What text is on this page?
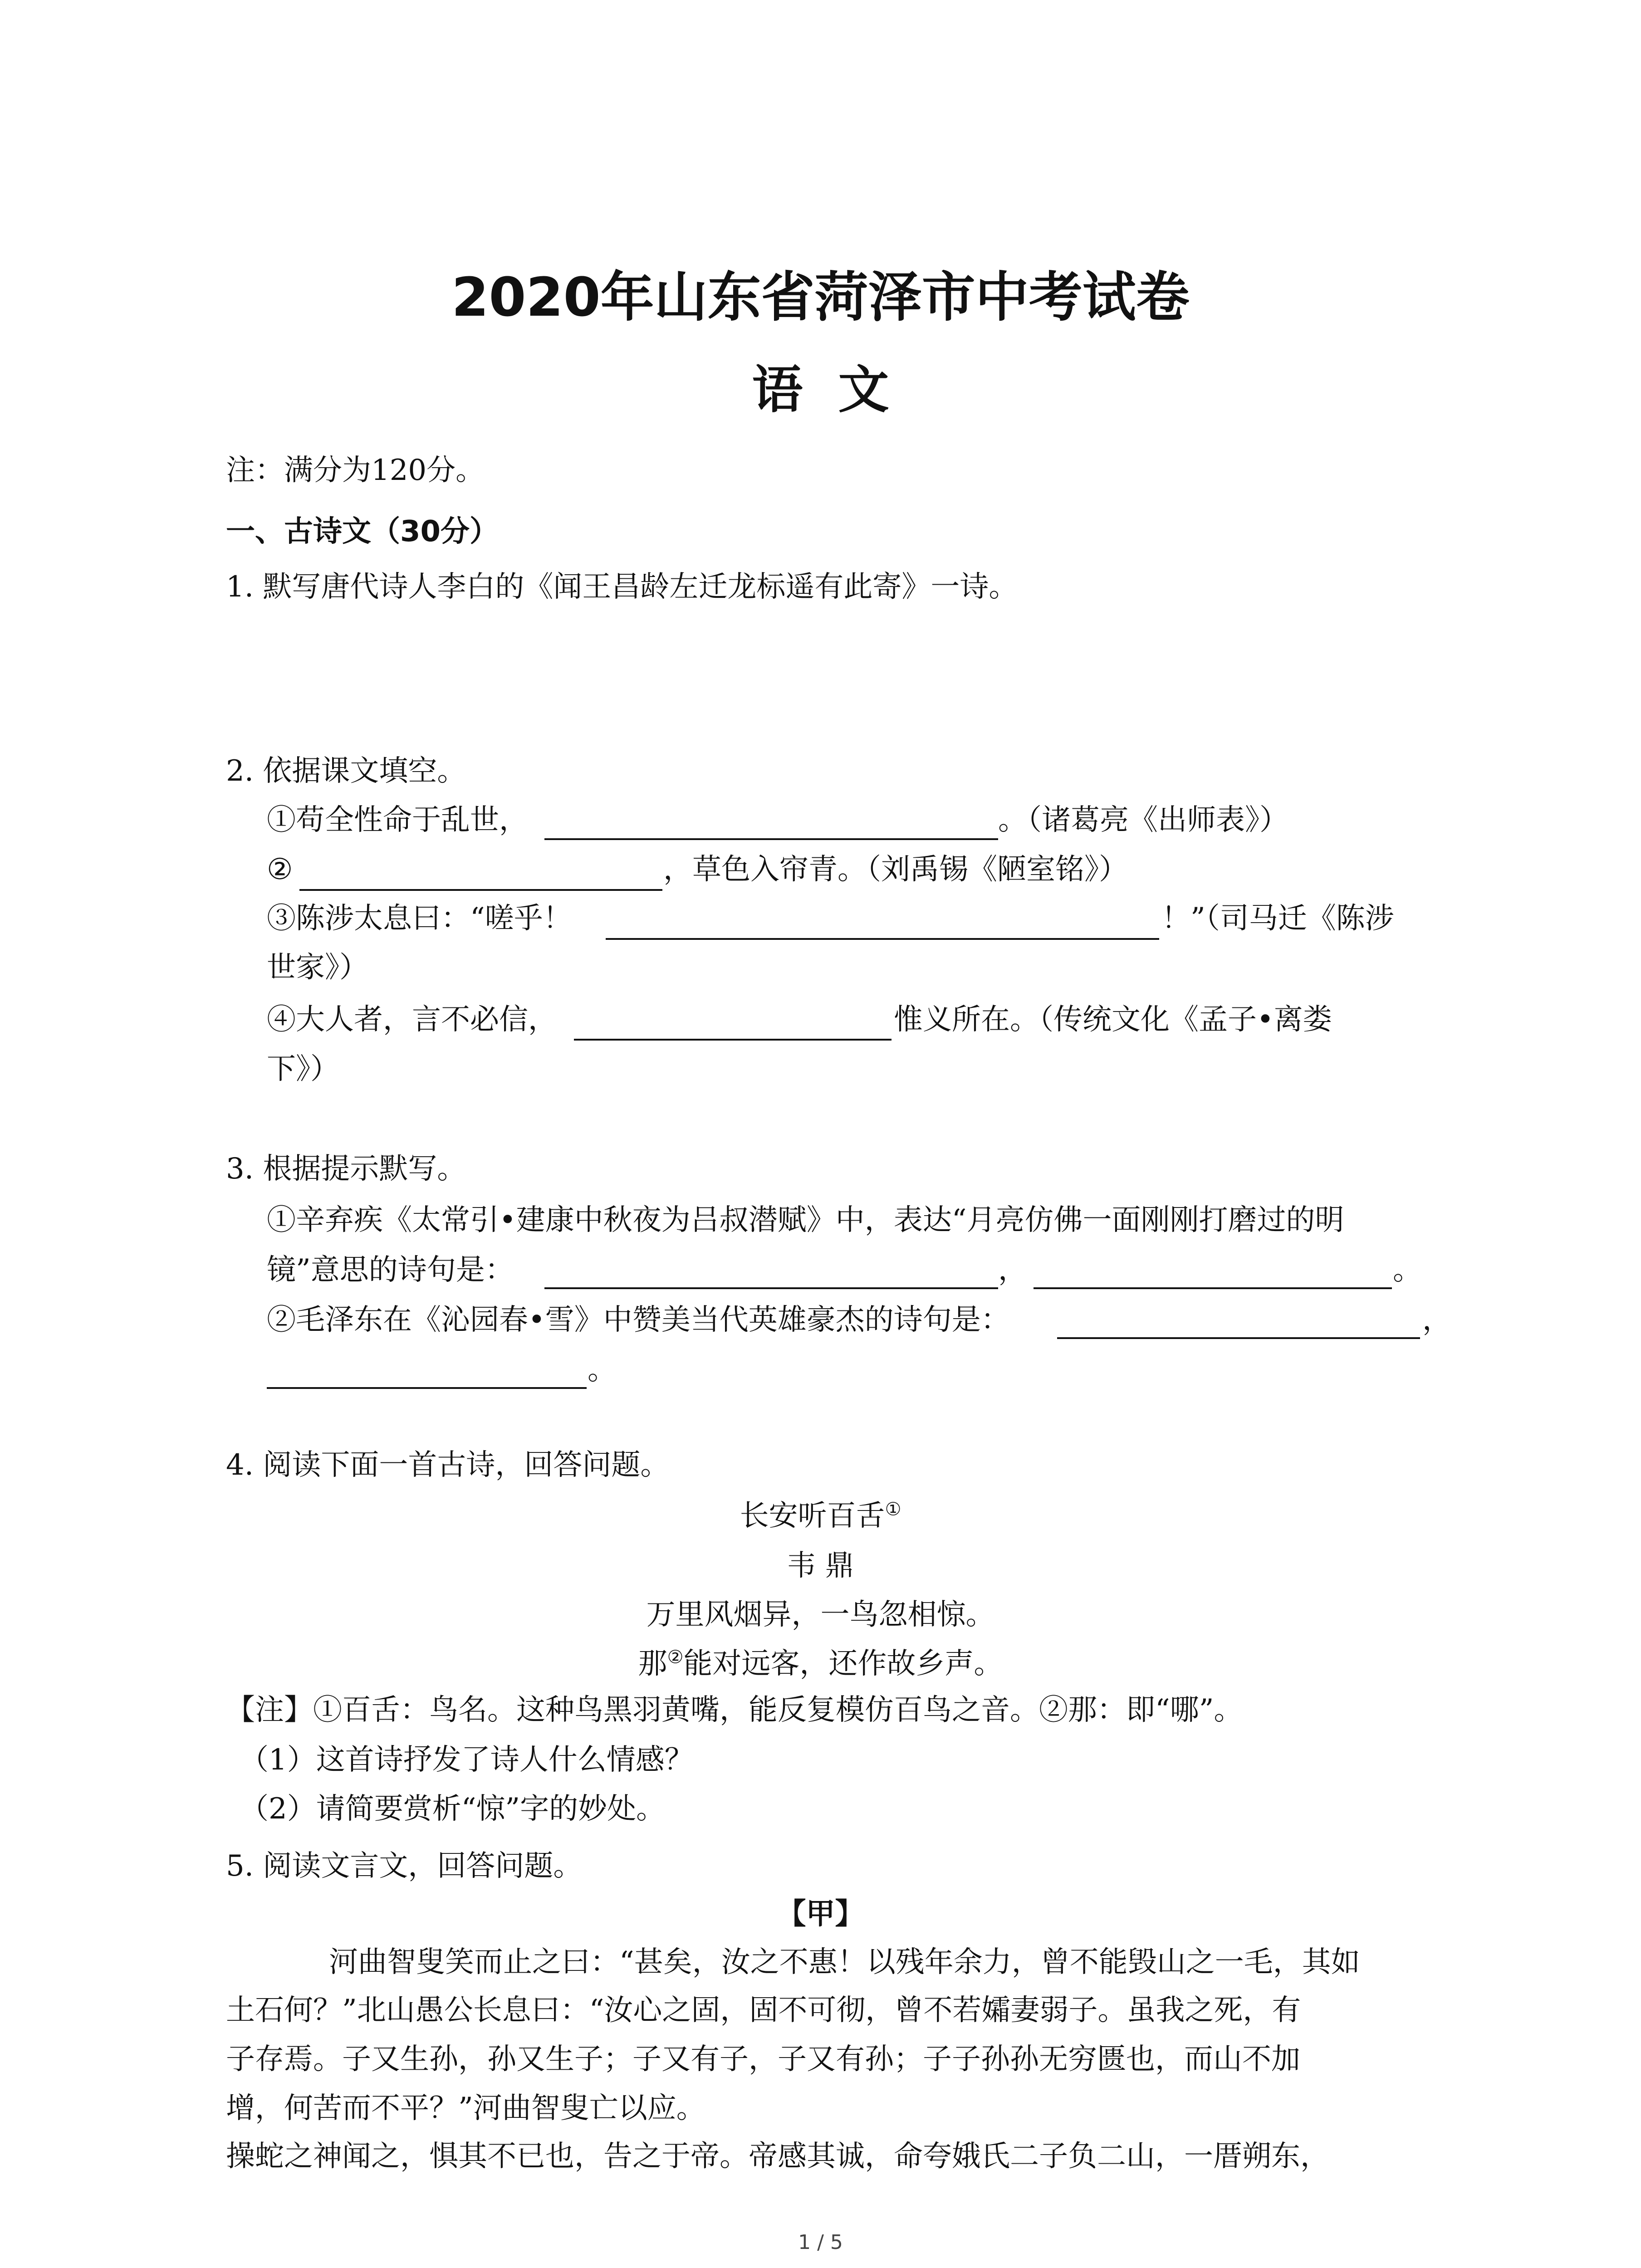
2020年山东省菏泽市中考试卷
语  文
注：满分为120分。
一、古诗文（30分）
1. 默写唐代诗人李白的《闻王昌龄左迁龙标遥有此寄》一诗。
2. 依据课文填空。
①苟全性命于乱世，	。（诸葛亮《出师表》）
②	，草色入帘青。（刘禹锡《陋室铭》）
③陈涉太息曰：“嗟乎！	！”（司马迁《陈涉
世家》）
④大人者，言不必信，	惟义所在。（传统文化《孟子•离娄
下》）
3. 根据提示默写。
①辛弃疾《太常引•建康中秋夜为吕叔潜赋》中，表达“月亮仿佛一面刚刚打磨过的明
镜”意思的诗句是：	，	。
②毛泽东在《沁园春•雪》中赞美当代英雄豪杰的诗句是：	，
。
4. 阅读下面一首古诗，回答问题。
长安听百舌①
韦 鼎
万里风烟异，一鸟忽相惊。
那②能对远客，还作故乡声。
【注】①百舌：鸟名。这种鸟黑羽黄嘴，能反复模仿百鸟之音。②那：即“哪”。
（1）这首诗抒发了诗人什么情感？
（2）请简要赏析“惊”字的妙处。
5. 阅读文言文，回答问题。
【甲】
河曲智叟笑而止之曰：“甚矣，汝之不惠！以残年余力，曾不能毁山之一毛，其如
土石何？”北山愚公长息曰：“汝心之固，固不可彻，曾不若孀妻弱子。虽我之死，有
子存焉。子又生孙，孙又生子；子又有子，子又有孙；子子孙孙无穷匮也，而山不加
增，何苦而不平？”河曲智叟亡以应。
操蛇之神闻之，惧其不已也，告之于帝。帝感其诚，命夸娥氏二子负二山，一厝朔东，
1 / 5
